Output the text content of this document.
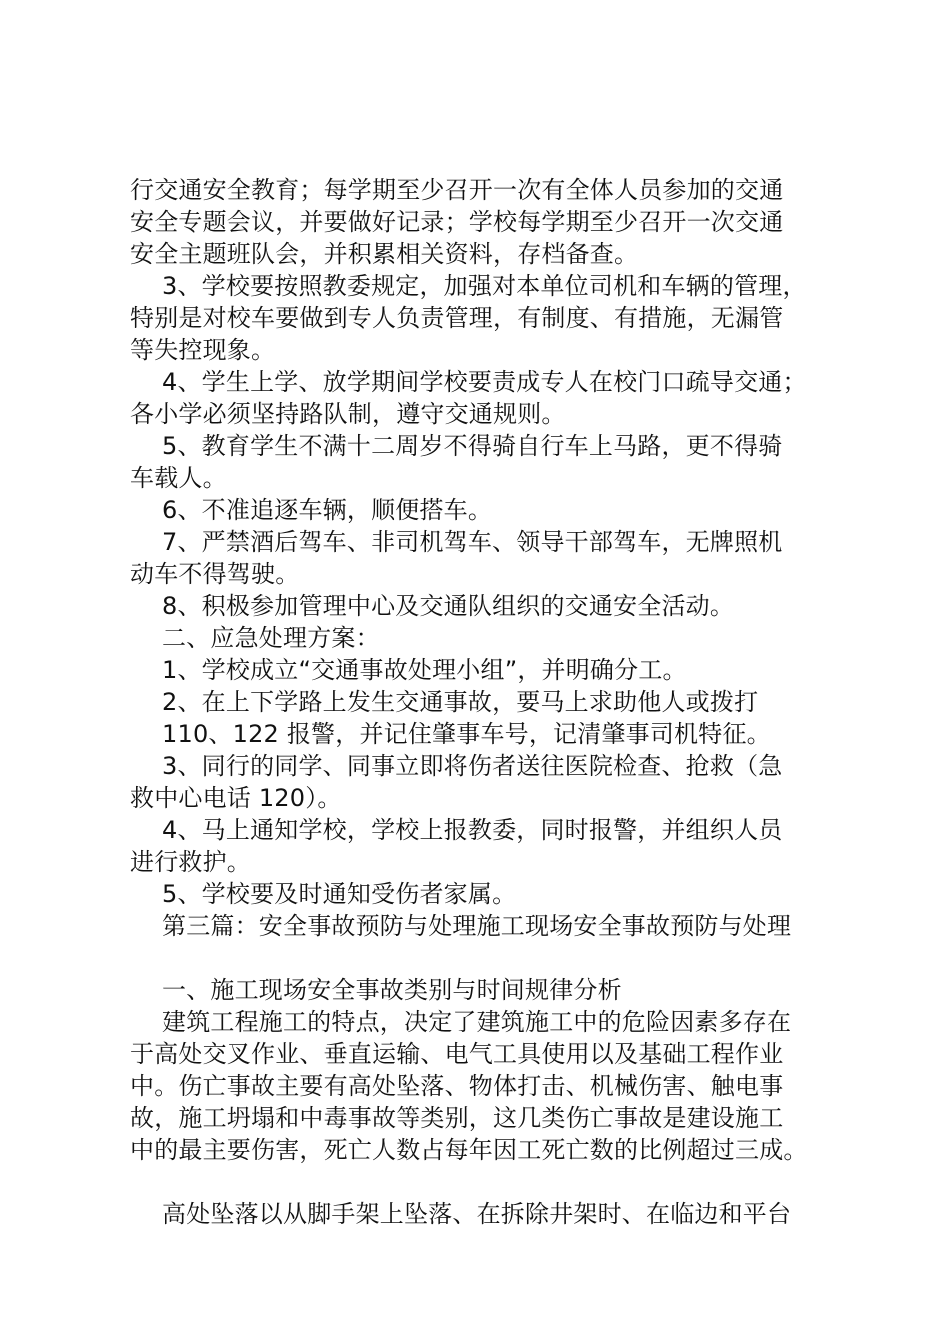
行交通安全教育；每学期至少召开一次有全体人员参加的交通
安全专题会议，并要做好记录；学校每学期至少召开一次交通
安全主题班队会，并积累相关资料，存档备查。
3、学校要按照教委规定，加强对本单位司机和车辆的管理，
特别是对校车要做到专人负责管理，有制度、有措施，无漏管
等失控现象。
4、学生上学、放学期间学校要责成专人在校门口疏导交通；
各小学必须坚持路队制，遵守交通规则。
5、教育学生不满十二周岁不得骑自行车上马路，更不得骑
车载人。
6、不准追逐车辆，顺便搭车。
7、严禁酒后驾车、非司机驾车、领导干部驾车，无牌照机
动车不得驾驶。
8、积极参加管理中心及交通队组织的交通安全活动。
二、应急处理方案：
1、学校成立“交通事故处理小组”，并明确分工。
2、在上下学路上发生交通事故，要马上求助他人或拨打
110、122 报警，并记住肇事车号，记清肇事司机特征。
3、同行的同学、同事立即将伤者送往医院检查、抢救（急
救中心电话 120）。
4、马上通知学校，学校上报教委，同时报警，并组织人员
进行救护。
5、学校要及时通知受伤者家属。
第三篇：安全事故预防与处理施工现场安全事故预防与处理
一、施工现场安全事故类别与时间规律分析
建筑工程施工的特点，决定了建筑施工中的危险因素多存在
于高处交叉作业、垂直运输、电气工具使用以及基础工程作业
中。伤亡事故主要有高处坠落、物体打击、机械伤害、触电事
故，施工坍塌和中毒事故等类别，这几类伤亡事故是建设施工
中的最主要伤害，死亡人数占每年因工死亡数的比例超过三成。
高处坠落以从脚手架上坠落、在拆除井架时、在临边和平台
